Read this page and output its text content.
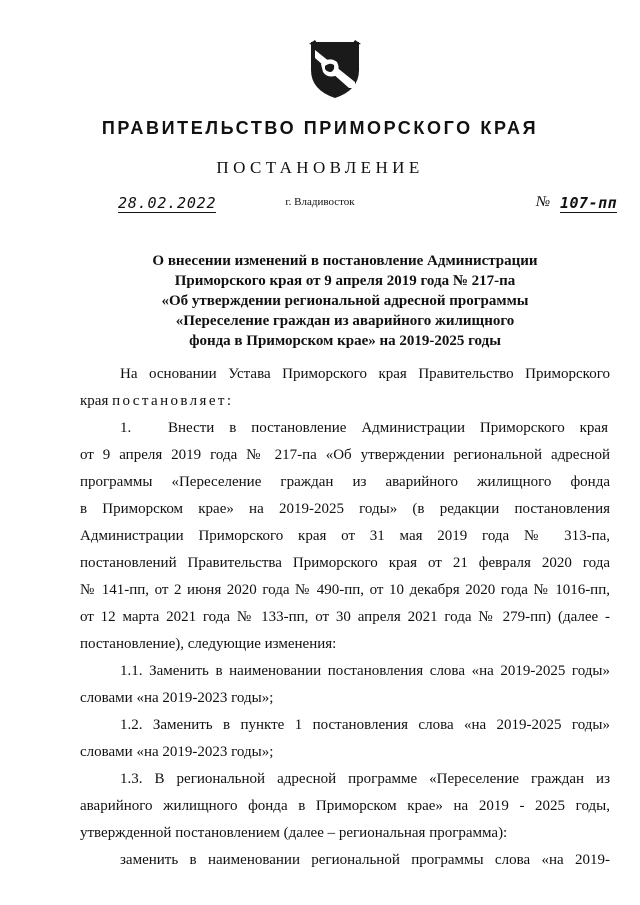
ПРАВИТЕЛЬСТВО ПРИМОРСКОГО КРАЯ
ПОСТАНОВЛЕНИЕ
28.02.2022	г. Владивосток	№ 107-пп
О внесении изменений в постановление Администрации
Приморского края от 9 апреля 2019 года № 217-па
«Об утверждении региональной адресной программы
«Переселение граждан из аварийного жилищного
фонда в Приморском крае» на 2019-2025 годы
На основании Устава Приморского края Правительство Приморского
края постановляет:
1. Внести в постановление Администрации Приморского края
от 9 апреля 2019 года № 217-па «Об утверждении региональной адресной
программы «Переселение граждан из аварийного жилищного фонда
в Приморском крае» на 2019-2025 годы» (в редакции постановления
Администрации Приморского края от 31 мая 2019 года № 313-па,
постановлений Правительства Приморского края от 21 февраля 2020 года
№ 141-пп, от 2 июня 2020 года № 490-пп, от 10 декабря 2020 года № 1016-пп,
от 12 марта 2021 года № 133-пп, от 30 апреля 2021 года № 279-пп) (далее -
постановление), следующие изменения:
1.1. Заменить в наименовании постановления слова «на 2019-2025 годы»
словами «на 2019-2023 годы»;
1.2. Заменить в пункте 1 постановления слова «на 2019-2025 годы»
словами «на 2019-2023 годы»;
1.3. В региональной адресной программе «Переселение граждан из
аварийного жилищного фонда в Приморском крае» на 2019 - 2025 годы,
утвержденной постановлением (далее – региональная программа):
заменить в наименовании региональной программы слова «на 2019-
